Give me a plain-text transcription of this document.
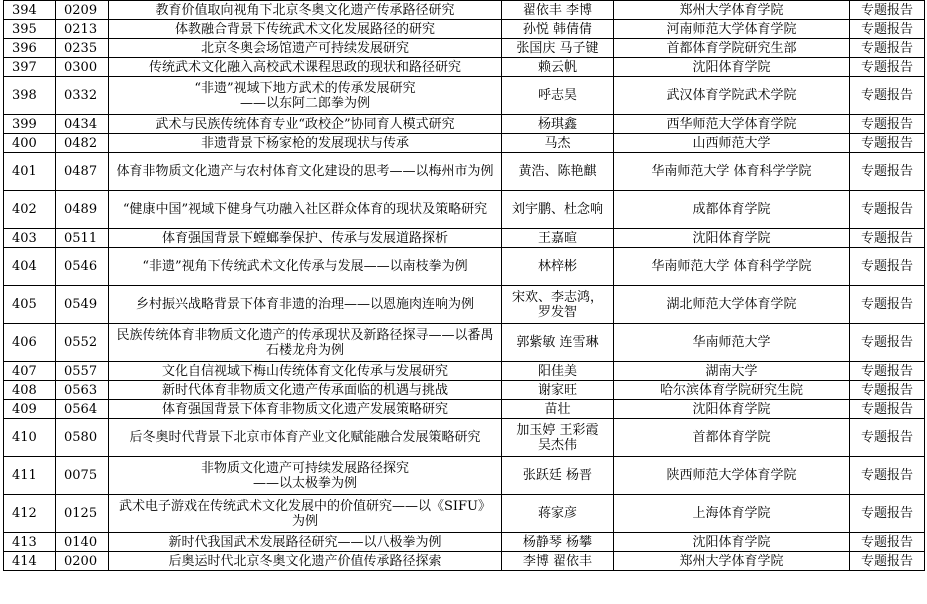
394	0209	教育价值取向视角下北京冬奥文化遗产传承路径研究	翟依丰 李博	郑州大学体育学院	专题报告
395	0213	体教融合背景下传统武术文化发展路径的研究	孙悦 韩倩倩	河南师范大学体育学院	专题报告
396	0235	北京冬奥会场馆遗产可持续发展研究	张国庆 马子键	首都体育学院研究生部	专题报告
397	0300	传统武术文化融入高校武术课程思政的现状和路径研究	赖云帆	沈阳体育学院	专题报告
398	0332	“非遗”视域下地方武术的传承发展研究
——以东阿二郎拳为例	呼志昊	武汉体育学院武术学院	专题报告
399	0434	武术与民族传统体育专业“政校企”协同育人模式研究	杨琪鑫	西华师范大学体育学院	专题报告
400	0482	非遗背景下杨家枪的发展现状与传承	马杰	山西师范大学	专题报告
401	0487	体育非物质文化遗产与农村体育文化建设的思考——以梅州市为例	黄浩、陈艳麒	华南师范大学 体育科学学院	专题报告
402	0489	“健康中国”视域下健身气功融入社区群众体育的现状及策略研究	刘宇鹏、杜念响	成都体育学院	专题报告
403	0511	体育强国背景下螳螂拳保护、传承与发展道路探析	王嘉暄	沈阳体育学院	专题报告
404	0546	“非遗”视角下传统武术文化传承与发展——以南枝拳为例	林梓彬	华南师范大学 体育科学学院	专题报告
405	0549	乡村振兴战略背景下体育非遗的治理——以恩施肉连响为例	宋欢、李志鸿，
罗发智	湖北师范大学体育学院	专题报告
406	0552	民族传统体育非物质文化遗产的传承现状及新路径探寻——以番禺石楼龙舟为例	郭紫敏 连雪琳	华南师范大学	专题报告
407	0557	文化自信视域下梅山传统体育文化传承与发展研究	阳佳美	湖南大学	专题报告
408	0563	新时代体育非物质文化遗产传承面临的机遇与挑战	谢家旺	哈尔滨体育学院研究生院	专题报告
409	0564	体育强国背景下体育非物质文化遗产发展策略研究	苗壮	沈阳体育学院	专题报告
410	0580	后冬奥时代背景下北京市体育产业文化赋能融合发展策略研究	加玉婷 王彩霞
吴杰伟	首都体育学院	专题报告
411	0075	非物质文化遗产可持续发展路径探究
——以太极拳为例	张跃廷 杨晋	陕西师范大学体育学院	专题报告
412	0125	武术电子游戏在传统武术文化发展中的价值研究——以《SIFU》为例	蒋家彦	上海体育学院	专题报告
413	0140	新时代我国武术发展路径研究——以八极拳为例	杨静琴 杨攀	沈阳体育学院	专题报告
414	0200	后奥运时代北京冬奥文化遗产价值传承路径探索	李博 翟依丰	郑州大学体育学院	专题报告
